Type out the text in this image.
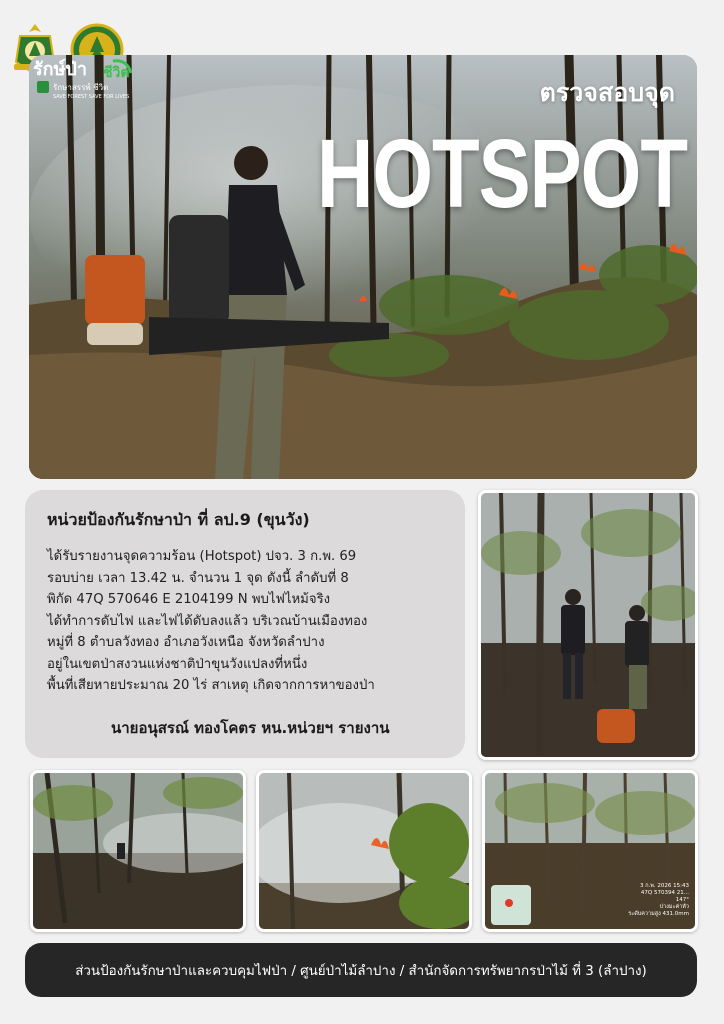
ตรวจสอบจุด
HOTSPOT
รักษ์ป่า ชีวิต
รักษาสรรพ์ ชีวิต
SAVE FOREST SAVE FOR LIVES
หน่วยป้องกันรักษาป่า ที่ ลป.9 (ขุนวัง)
ได้รับรายงานจุดความร้อน (Hotspot) ปจว. 3 ก.พ. 69
รอบบ่าย เวลา 13.42 น. จำนวน 1 จุด ดังนี้ ลำดับที่ 8
พิกัด 47Q 570646 E 2104199 N พบไฟไหม้จริง
ได้ทำการดับไฟ และไฟได้ดับลงแล้ว บริเวณบ้านเมืองทอง
หมู่ที่ 8 ตำบลวังทอง อำเภอวังเหนือ จังหวัดลำปาง
อยู่ในเขตป่าสงวนแห่งชาติป่าขุนวังแปลงที่หนึ่ง
พื้นที่เสียหายประมาณ 20 ไร่ สาเหตุ เกิดจากการหาของป่า
นายอนุสรณ์ ทองโคตร หน.หน่วยฯ รายงาน
3 ก.พ. 2026 15:43
47Q 570394 21...
147°
ปางมะค่าหัว
ระดับความสูง 431.0mm
ส่วนป้องกันรักษาป่าและควบคุมไฟป่า / ศูนย์ป่าไม้ลำปาง / สำนักจัดการทรัพยากรป่าไม้ ที่ 3 (ลำปาง)
